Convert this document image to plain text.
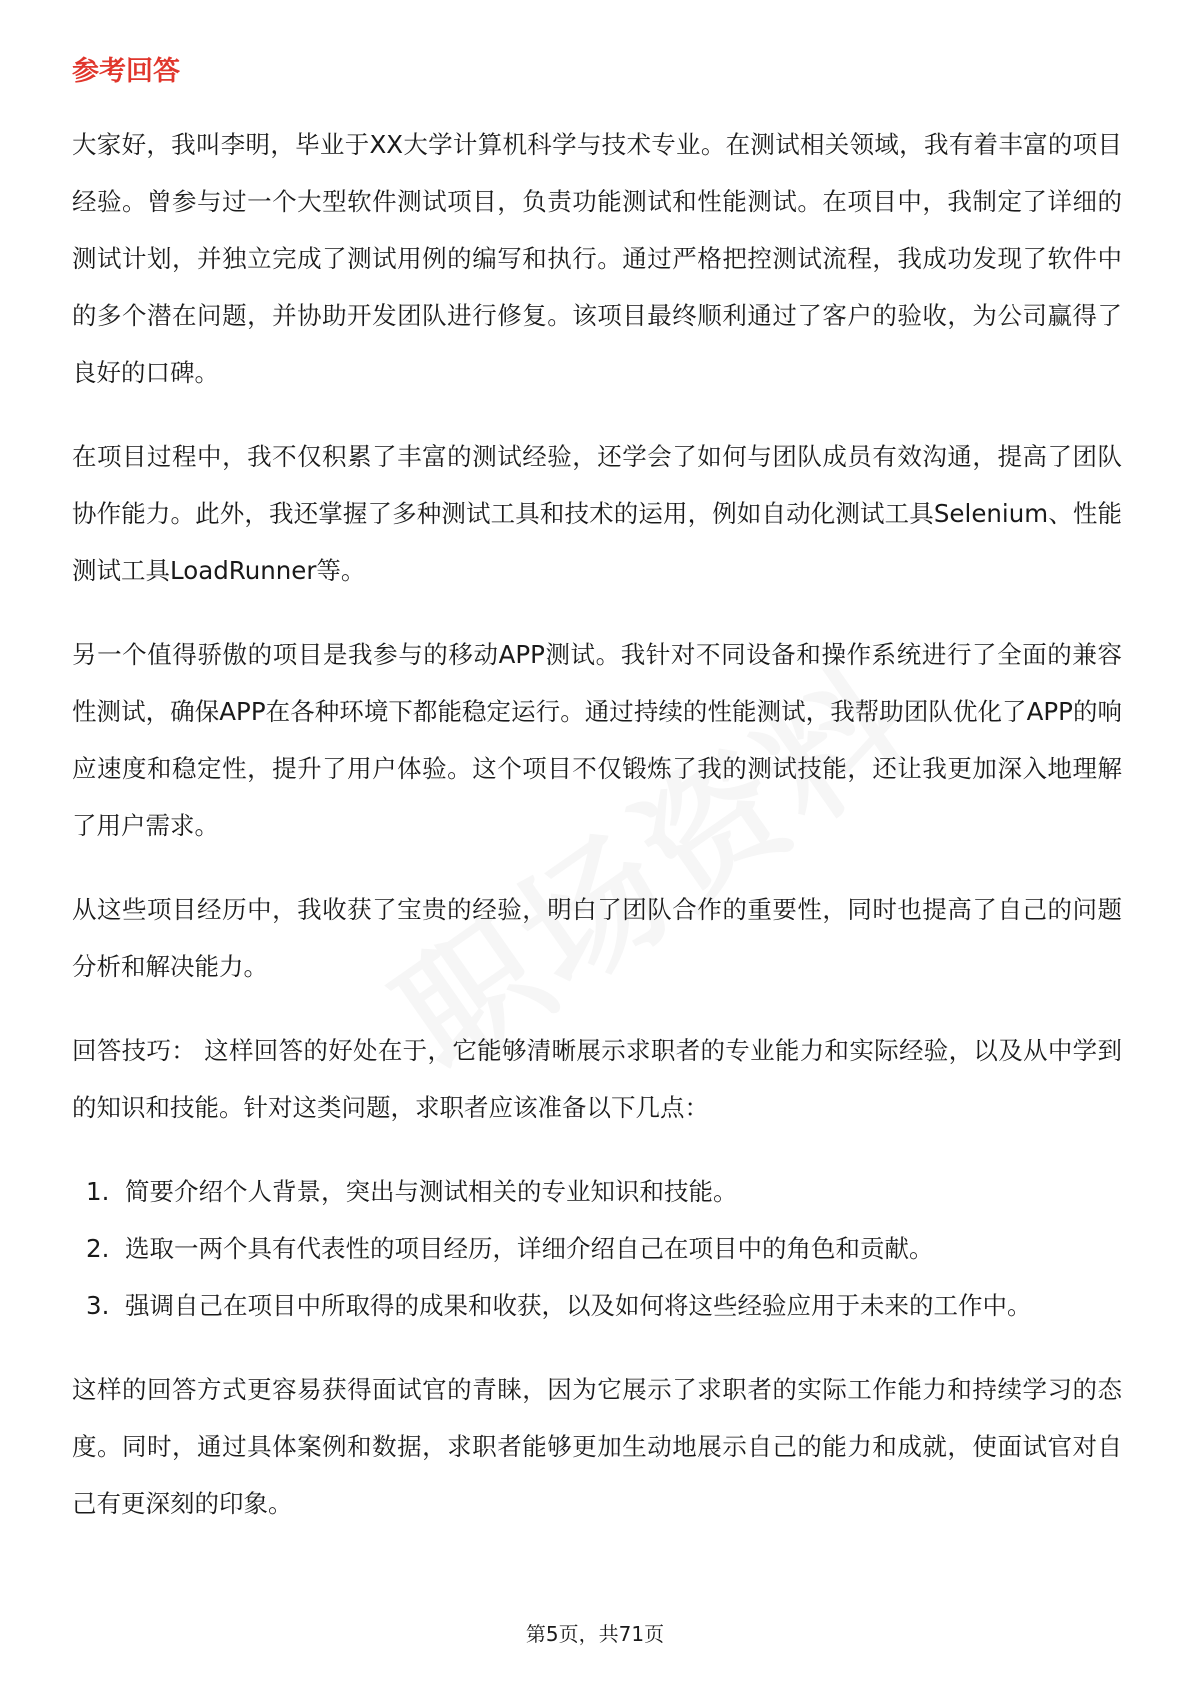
参考回答

大家好，我叫李明，毕业于XX大学计算机科学与技术专业。在测试相关领域，我有着丰富的项目经验。曾参与过一个大型软件测试项目，负责功能测试和性能测试。在项目中，我制定了详细的测试计划，并独立完成了测试用例的编写和执行。通过严格把控测试流程，我成功发现了软件中的多个潜在问题，并协助开发团队进行修复。该项目最终顺利通过了客户的验收，为公司赢得了良好的口碑。

在项目过程中，我不仅积累了丰富的测试经验，还学会了如何与团队成员有效沟通，提高了团队协作能力。此外，我还掌握了多种测试工具和技术的运用，例如自动化测试工具Selenium、性能测试工具LoadRunner等。

另一个值得骄傲的项目是我参与的移动APP测试。我针对不同设备和操作系统进行了全面的兼容性测试，确保APP在各种环境下都能稳定运行。通过持续的性能测试，我帮助团队优化了APP的响应速度和稳定性，提升了用户体验。这个项目不仅锻炼了我的测试技能，还让我更加深入地理解了用户需求。

从这些项目经历中，我收获了宝贵的经验，明白了团队合作的重要性，同时也提高了自己的问题分析和解决能力。

回答技巧： 这样回答的好处在于，它能够清晰展示求职者的专业能力和实际经验，以及从中学到的知识和技能。针对这类问题，求职者应该准备以下几点：

1. 简要介绍个人背景，突出与测试相关的专业知识和技能。
2. 选取一两个具有代表性的项目经历，详细介绍自己在项目中的角色和贡献。
3. 强调自己在项目中所取得的成果和收获，以及如何将这些经验应用于未来的工作中。

这样的回答方式更容易获得面试官的青睐，因为它展示了求职者的实际工作能力和持续学习的态度。同时，通过具体案例和数据，求职者能够更加生动地展示自己的能力和成就，使面试官对自己有更深刻的印象。

第5页，共71页
